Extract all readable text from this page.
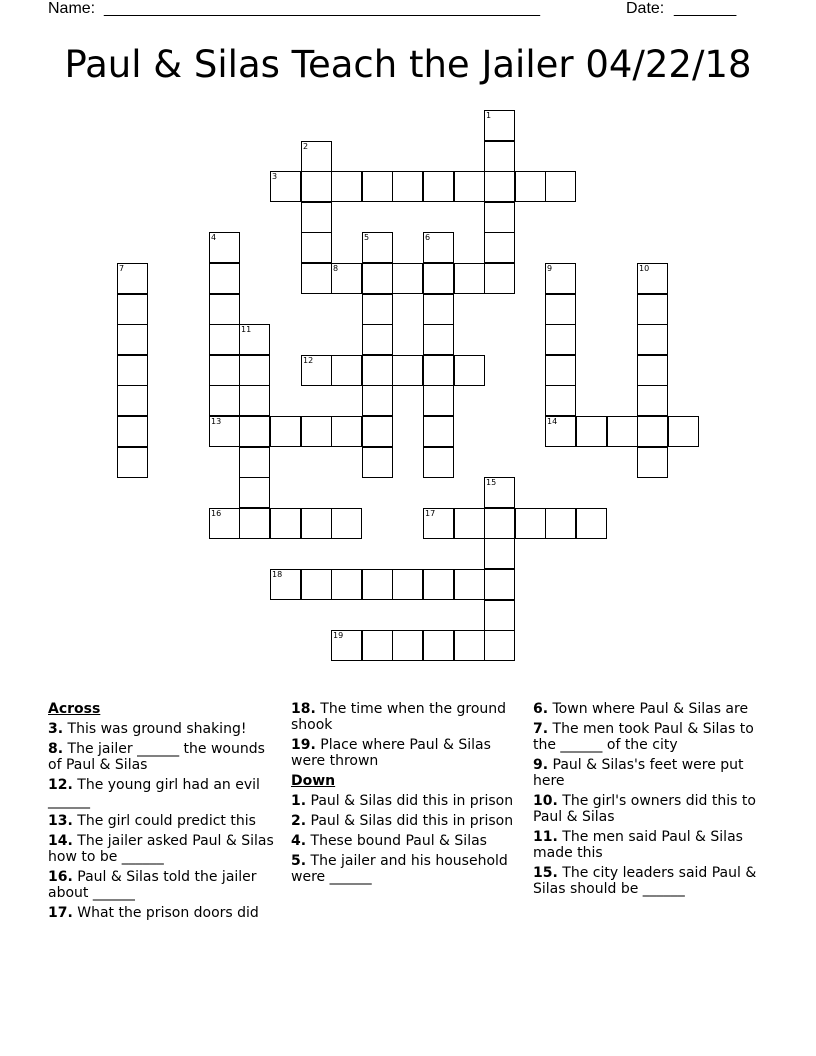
Name:

_________________________________________________

	Date:

_______

Paul & Silas Teach the Jailer 04/22/18
1
2
3
4	5	6
7	8	9
14
10
11
12
13
15
16	17
18
19
Across
3. This was ground shaking!
8. The jailer ______ the wounds of Paul & Silas
12. The young girl had an evil ______
13. The girl could predict this
14. The jailer asked Paul & Silas how to be ______
16. Paul & Silas told the jailer about ______
17. What the prison doors did
18. The time when the ground shook
19. Place where Paul & Silas were thrown
Down
1. Paul & Silas did this in prison
2. Paul & Silas did this in prison
4. These bound Paul & Silas
5. The jailer and his household were ______
6. Town where Paul & Silas are
7. The men took Paul & Silas to the ______ of the city
9. Paul & Silas's feet were put here
10. The girl's owners did this to Paul & Silas
11. The men said Paul & Silas made this
15. The city leaders said Paul & Silas should be ______
